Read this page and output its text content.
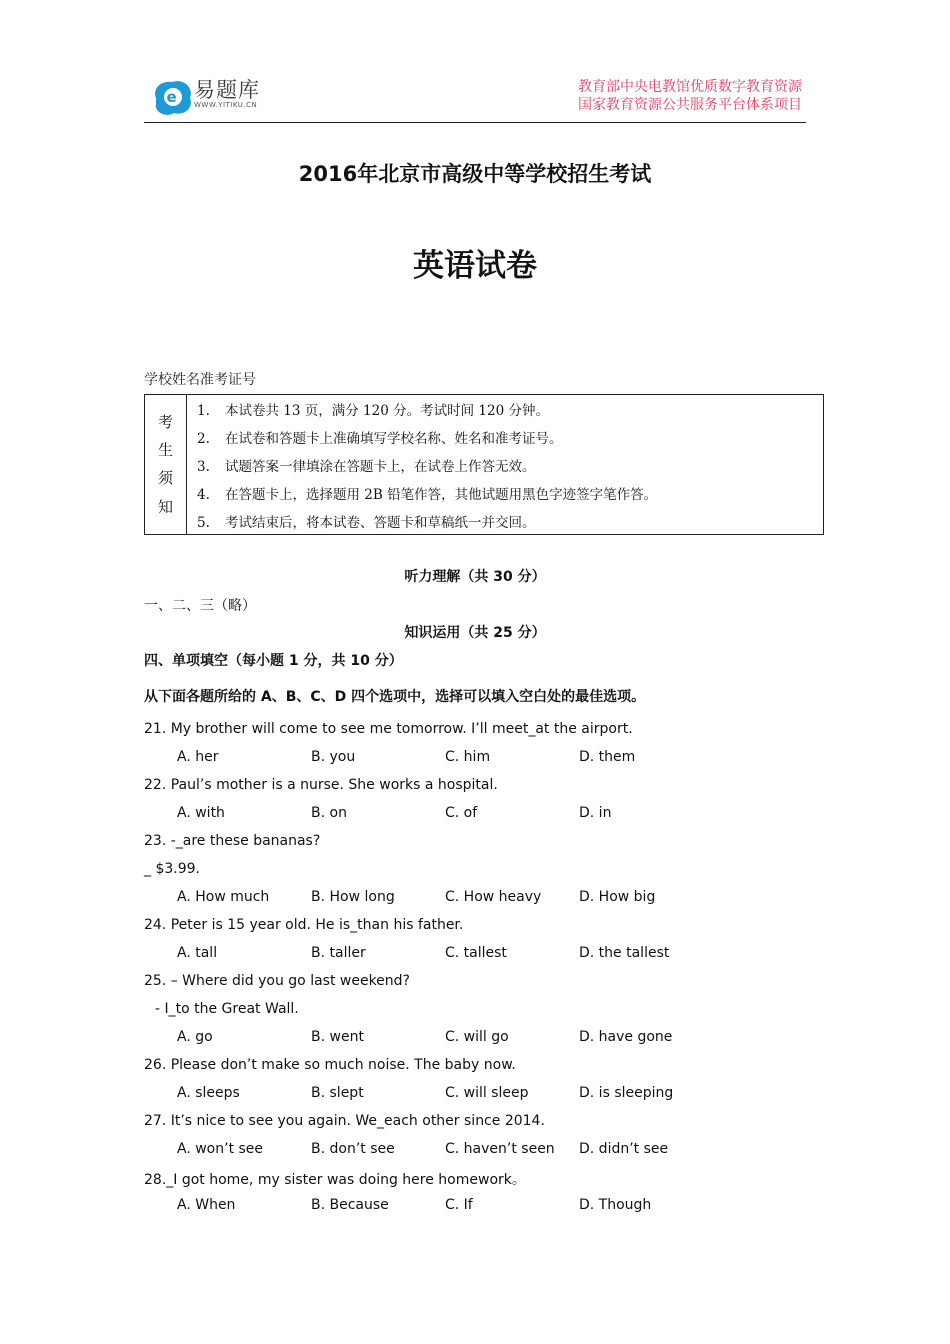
e 易题库
WWW.YITIKU.CN
教育部中央电教馆优质数字教育资源
国家教育资源公共服务平台体系项目
2016年北京市高级中等学校招生考试
英语试卷
学校姓名准考证号
考
生
须
知
1. 本试卷共 13 页，满分 120 分。考试时间 120 分钟。
2. 在试卷和答题卡上准确填写学校名称、姓名和准考证号。
3. 试题答案一律填涂在答题卡上，在试卷上作答无效。
4. 在答题卡上，选择题用 2B 铅笔作答，其他试题用黑色字迹签字笔作答。
5. 考试结束后，将本试卷、答题卡和草稿纸一并交回。
听力理解（共 30 分）
一、二、三（略）
知识运用（共 25 分）
四、单项填空（每小题 1 分，共 10 分）
从下面各题所给的 A、B、C、D 四个选项中，选择可以填入空白处的最佳选项。
21. My brother will come to see me tomorrow. I’ll meet_at the airport.
A. her	B. you	C. him	D. them
22. Paul’s mother is a nurse. She works a hospital.
A. with	B. on	C. of	D. in
23. -_are these bananas?
_ $3.99.
A. How much	B. How long	C. How heavy	D. How big
24. Peter is 15 year old. He is_than his father.
A. tall	B. taller	C. tallest	D. the tallest
25. – Where did you go last weekend?
- I_to the Great Wall.
A. go	B. went	C. will go	D. have gone
26. Please don’t make so much noise. The baby now.
A. sleeps	B. slept	C. will sleep	D. is sleeping
27. It’s nice to see you again. We_each other since 2014.
A. won’t see	B. don’t see	C. haven’t seen D. didn’t see
28._I got home, my sister was doing here homework。
A. When	B. Because	C. If	D. Though
